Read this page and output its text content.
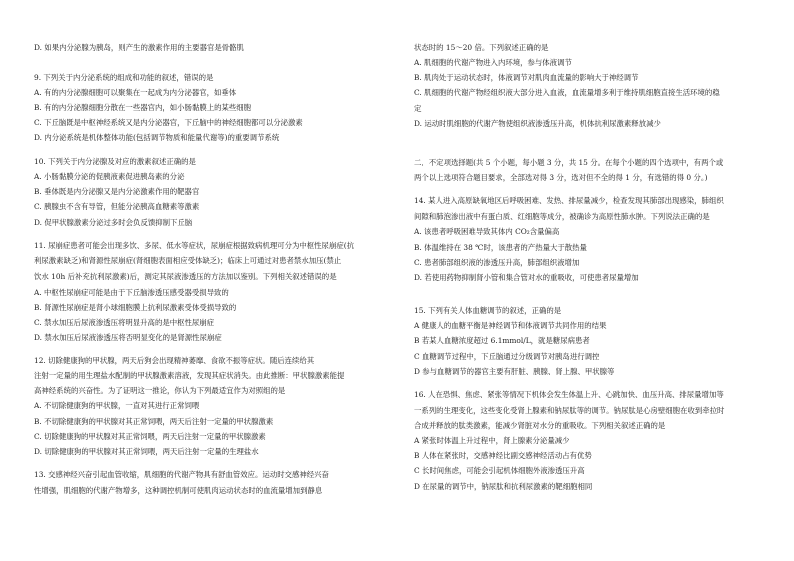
D. 如果内分泌腺为胰岛，则产生的激素作用的主要器官是骨骼肌
9. 下列关于内分泌系统的组成和功能的叙述，错误的是
A. 有的内分泌腺细胞可以聚集在一起成为内分泌器官，如垂体
B. 有的内分泌腺细胞分散在一些器官内，如小肠黏膜上的某些细胞
C. 下丘脑既是中枢神经系统又是内分泌器官，下丘脑中的神经细胞都可以分泌激素
D. 内分泌系统是机体整体功能(包括调节物质和能量代谢等)的重要调节系统
10. 下列关于内分泌腺及对应的激素叙述正确的是
A. 小肠黏膜分泌的促胰液素促进胰岛素的分泌
B. 垂体既是内分泌腺又是内分泌激素作用的靶器官
C. 胰腺虫不含有导管，但能分泌胰高血糖素等激素
D. 促甲状腺激素分泌过多时会负反馈抑制下丘脑
11. 尿崩症患者可能会出现多饮、多尿、低水等症状，尿崩症根据致病机理可分为中枢性尿崩症(抗
利尿激素缺乏)和肾源性尿崩症(肾细胞表面相应受体缺乏)；临床上可通过对患者禁水加压(禁止
饮水 10h 后补充抗利尿激素)后，测定其尿液渗透压的方法加以鉴别。下列相关叙述错误的是
A. 中枢性尿崩症可能是由于下丘脑渗透压感受器受损导致的
B. 肾源性尿崩症是肾小球细胞膜上抗利尿激素受体受损导致的
C. 禁水加压后尿液渗透压将明显升高的是中枢性尿崩症
D. 禁水加压后尿液渗透压将否明显变化的是肾源性尿崩症
12. 切除健康狗的甲状腺，两天后狗会出现精神萎靡、食欲不振等症状。随后连续给其
注射一定量的用生理盐水配制的甲状腺激素溶液，发现其症状消失。由此推断：甲状腺激素能提
高神经系统的兴奋性。为了证明这一推论，你认为下列最适宜作为对照组的是
A. 不切除健康狗的甲状腺，一直对其进行正常饲喂
B. 不切除健康狗的甲状腺对其正常饲喂，两天后注射一定量的甲状腺激素
C. 切除健康狗的甲状腺对其正常饲喂，两天后注射一定量的甲状腺激素
D. 切除健康狗的甲状腺对其正常饲喂，两天后注射一定量的生理盐水
13. 交感神经兴奋引起血管收缩，肌细胞的代谢产物具有舒血管效应。运动时交感神经兴奋
性增强，肌细胞的代谢产物增多，这种调控机制可使肌肉运动状态时的血流量增加到静息
状态时的 15～20 倍。下列叙述正确的是
A. 肌细胞的代谢产物进入内环境，参与体液调节
B. 肌肉处于运动状态时，体液调节对肌肉血流量的影响大于神经调节
C. 肌细胞的代谢产物经组织液大部分进入血液，血流量增多利于维持肌细胞直接生活环境的稳
定
D. 运动时肌细胞的代谢产物使组织液渗透压升高，机体抗利尿激素释放减少
二．不定项选择题(共 5 个小题，每小题 3 分，共 15 分。在每个小题的四个选项中，有两个或
两个以上选项符合题目要求，全部选对得 3 分，选对但不全的得 1 分，有选错的得 0 分。)
14. 某人进入高原缺氧地区后呼吸困难、发热、排尿量减少，检查发现其肺部出现感染，肺组织
间隙和肺泡渗出液中有蛋白质、红细胞等成分，被确诊为高原性肺水肿。下列说法正确的是
A. 该患者呼吸困难导致其体内 CO₂含量偏高
B. 体温维持在 38 ℃时，该患者的产热量大于散热量
C. 患者肺部组织液的渗透压升高，肺部组织液增加
D. 若使用药物抑制肾小管和集合管对水的重吸收，可使患者尿量增加
15. 下列有关人体血糖调节的叙述，正确的是
A 健康人的血糖平衡是神经调节和体液调节共同作用的结果
B 若某人血糖浓度超过 6.1mmol/L，就是糖尿病患者
C 血糖调节过程中，下丘脑通过分级调节对胰岛进行调控
D 参与血糖调节的器官主要有肝脏、胰腺、肾上腺、甲状腺等
16. 人在恐惧、焦虑、紧张等情况下机体会发生体温上升、心跳加快、血压升高、排尿量增加等
一系列的生理变化，这些变化受肾上腺素和钠尿肽等的调节。钠尿肽是心房壁细胞在收到牵拉时
合成并释放的肽类激素，能减少肾脏对水分的重吸收。下列相关叙述正确的是
A 紧张时体温上升过程中，肾上腺素分泌量减少
B 人体在紧张时，交感神经比副交感神经活动占有优势
C 长时间焦虑，可能会引起机体细胞外液渗透压升高
D 在尿量的调节中，钠尿肽和抗利尿激素的靶细胞相同
